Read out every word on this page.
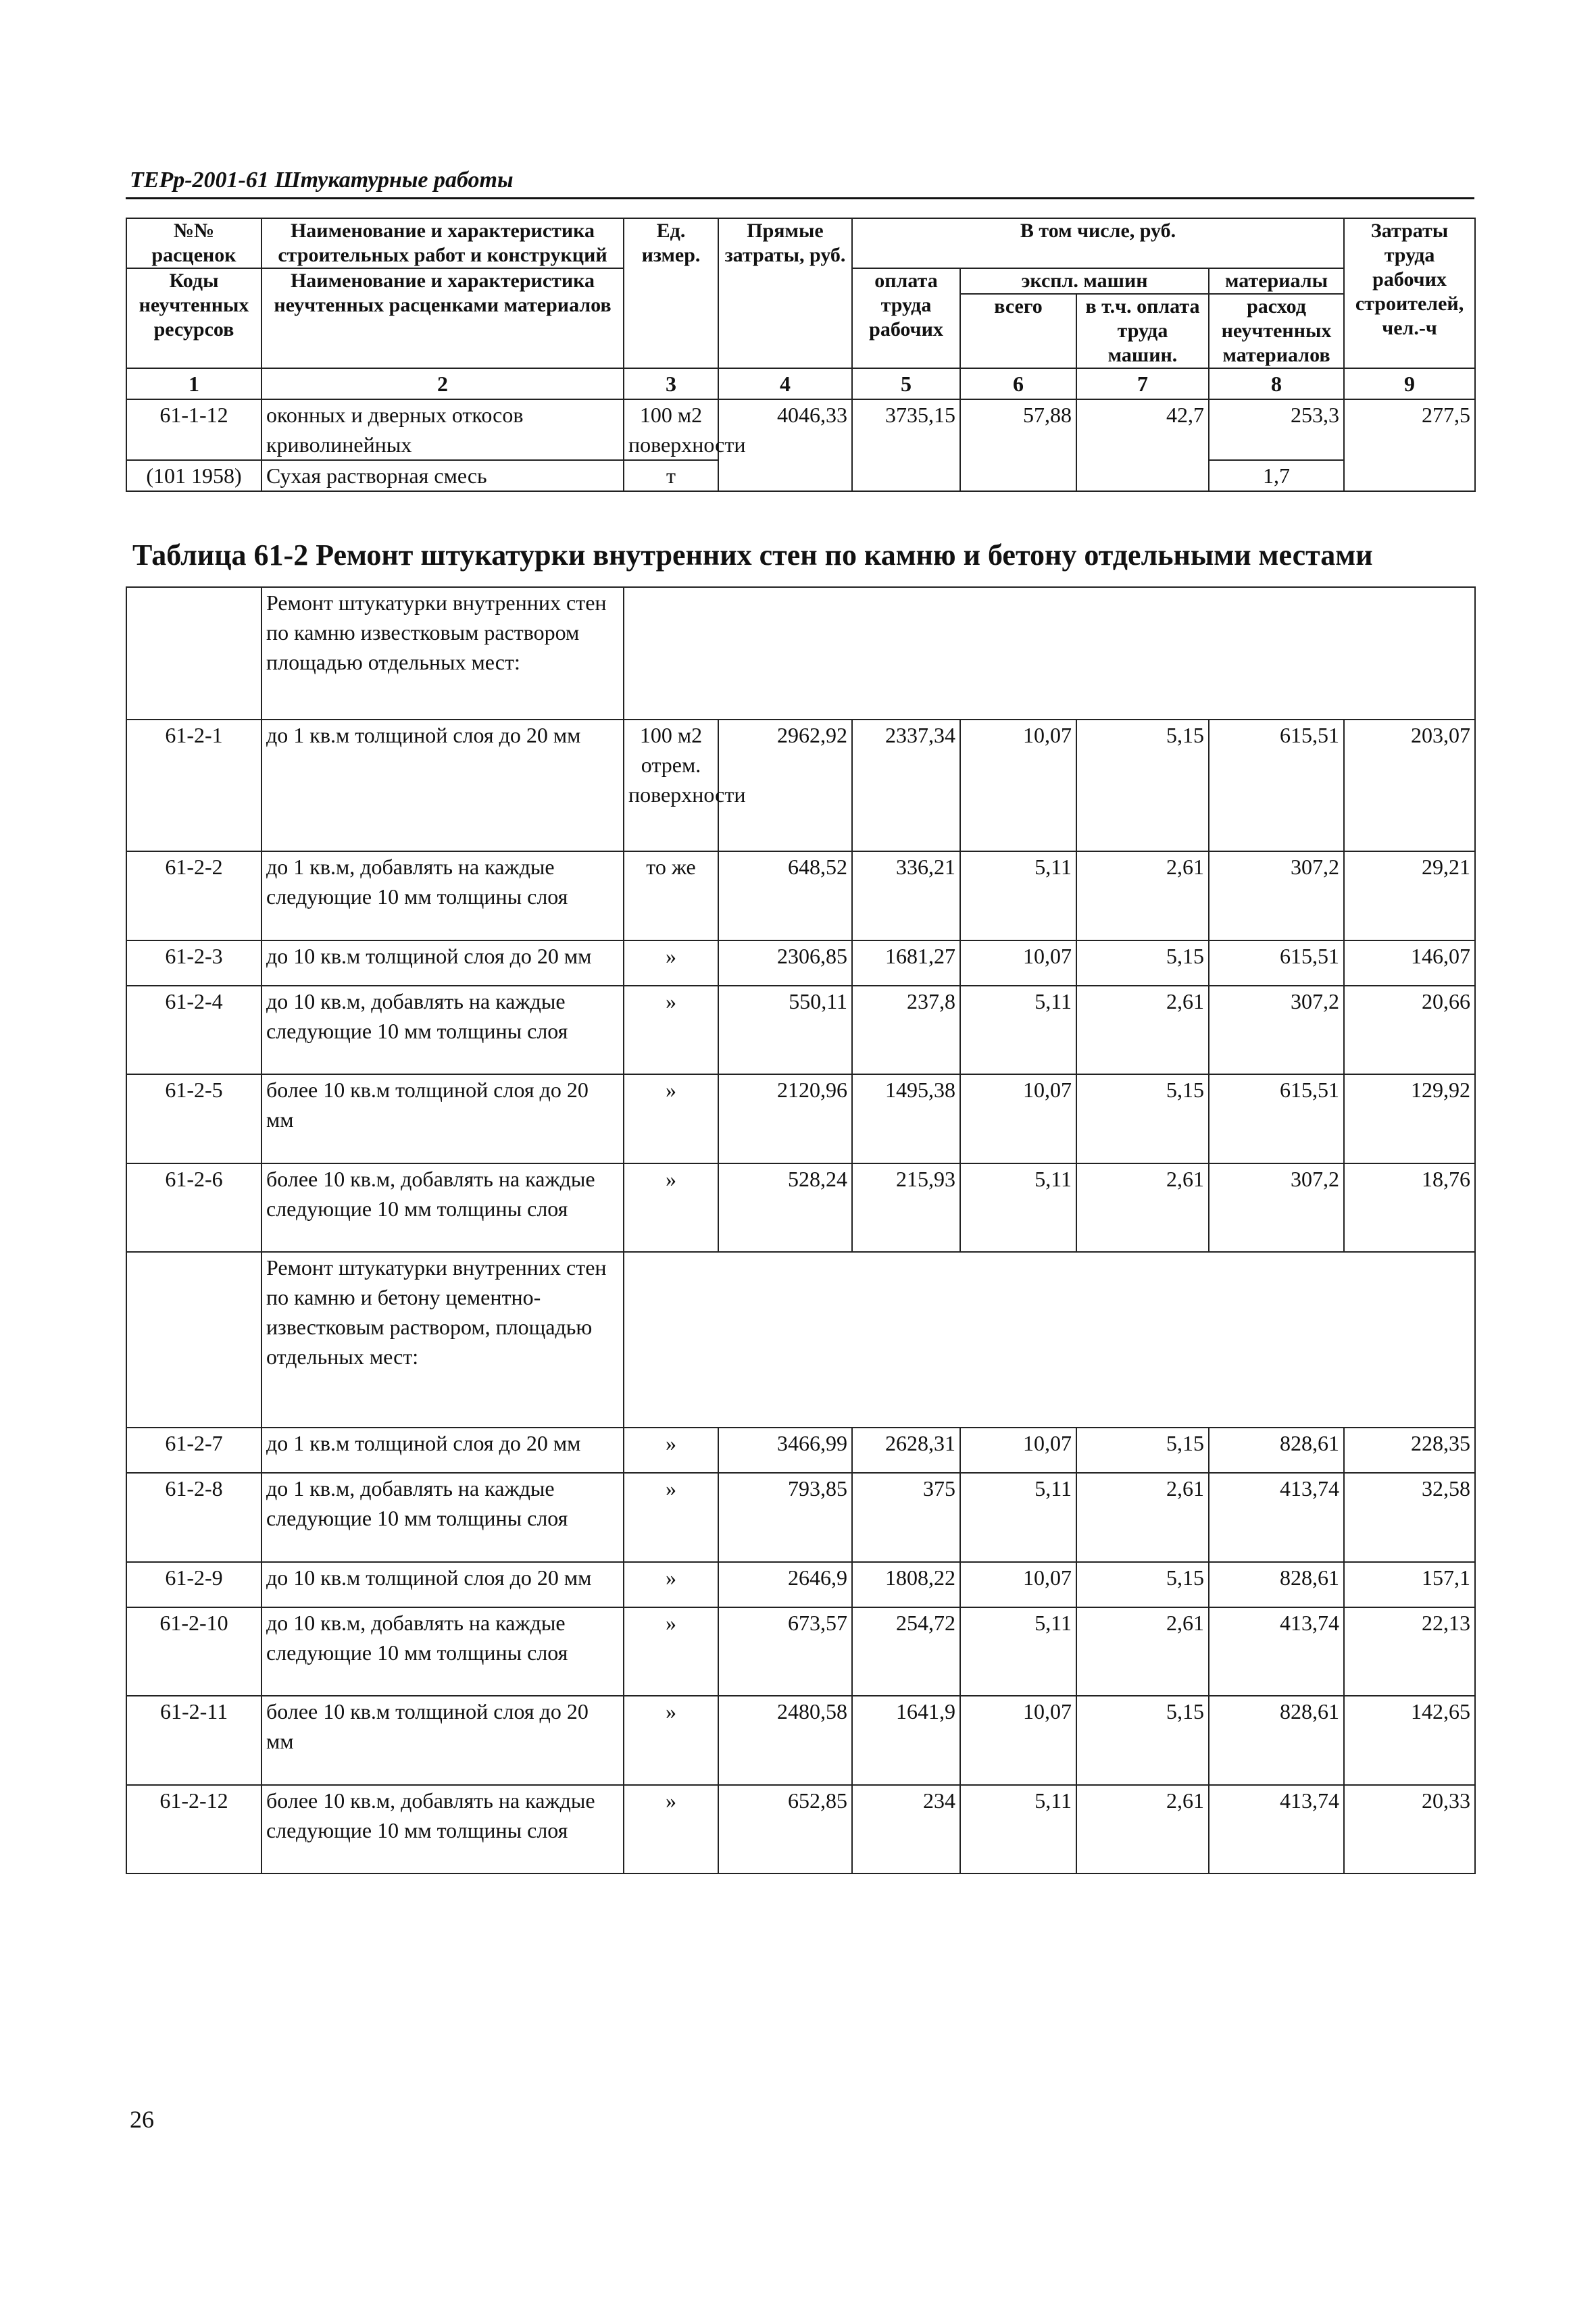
ТЕРр-2001-61 Штукатурные работы
№№ расценок	Наименование и характеристика строительных работ и конструкций	Ед. измер.	Прямые затраты, руб.	В том числе, руб.				Затраты труда рабочих строителей, чел.-ч
Коды неучтенных ресурсов	Наименование и характеристика неучтенных расценками материалов			оплата труда рабочих	экспл. машин		материалы	
					всего	в т.ч. оплата труда машин.	расход неучтенных материалов	
1	2	3	4	5	6	7	8	9
61-1-12	оконных и дверных откосов криволинейных	100 м2 поверхности	4046,33	3735,15	57,88	42,7	253,3	277,5
(101 1958)	Сухая растворная смесь	т					1,7	
Таблица 61-2 Ремонт штукатурки внутренних стен по камню и бетону отдельными местами
	Ремонт штукатурки внутренних стен по камню известковым раствором площадью отдельных мест:							
61-2-1	до 1 кв.м толщиной слоя до 20 мм	100 м2 отрем. поверхности	2962,92	2337,34	10,07	5,15	615,51	203,07
61-2-2	до 1 кв.м, добавлять на каждые следующие 10 мм толщины слоя	то же	648,52	336,21	5,11	2,61	307,2	29,21
61-2-3	до 10 кв.м толщиной слоя до 20 мм	»	2306,85	1681,27	10,07	5,15	615,51	146,07
61-2-4	до 10 кв.м, добавлять на каждые следующие 10 мм толщины слоя	»	550,11	237,8	5,11	2,61	307,2	20,66
61-2-5	более 10 кв.м толщиной слоя до 20 мм	»	2120,96	1495,38	10,07	5,15	615,51	129,92
61-2-6	более 10 кв.м, добавлять на каждые следующие 10 мм толщины слоя	»	528,24	215,93	5,11	2,61	307,2	18,76
	Ремонт штукатурки внутренних стен по камню и бетону цементно-известковым раствором, площадью отдельных мест:							
61-2-7	до 1 кв.м толщиной слоя до 20 мм	»	3466,99	2628,31	10,07	5,15	828,61	228,35
61-2-8	до 1 кв.м, добавлять на каждые следующие 10 мм толщины слоя	»	793,85	375	5,11	2,61	413,74	32,58
61-2-9	до 10 кв.м толщиной слоя до 20 мм	»	2646,9	1808,22	10,07	5,15	828,61	157,1
61-2-10	до 10 кв.м, добавлять на каждые следующие 10 мм толщины слоя	»	673,57	254,72	5,11	2,61	413,74	22,13
61-2-11	более 10 кв.м толщиной слоя до 20 мм	»	2480,58	1641,9	10,07	5,15	828,61	142,65
61-2-12	более 10 кв.м, добавлять на каждые следующие 10 мм толщины слоя	»	652,85	234	5,11	2,61	413,74	20,33
26
